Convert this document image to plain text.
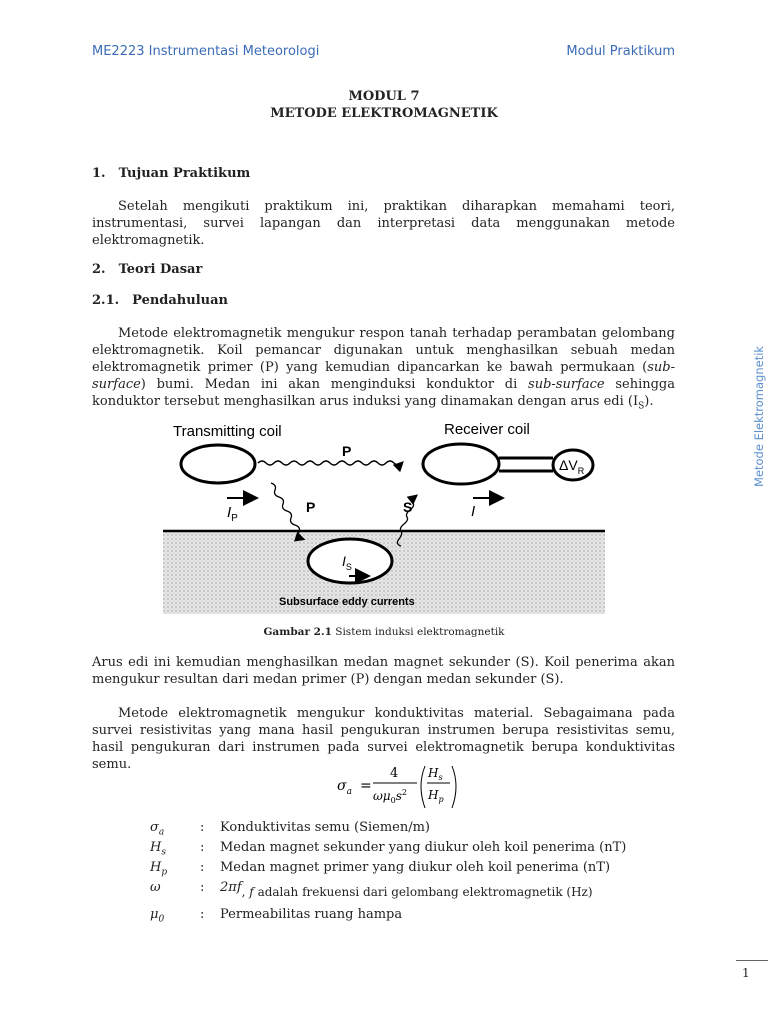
ME2223 Instrumentasi Meteorologi	Modul Praktikum
Metode Elektromagnetik
1
MODUL 7
METODE ELEKTROMAGNETIK
1. Tujuan Praktikum
Setelah mengikuti praktikum ini, praktikan diharapkan memahami teori, instrumentasi, survei lapangan dan interpretasi data menggunakan metode elektromagnetik.
2. Teori Dasar
2.1. Pendahuluan
Metode elektromagnetik mengukur respon tanah terhadap perambatan gelombang elektromagnetik. Koil pemancar digunakan untuk menghasilkan sebuah medan elektromagnetik primer (P) yang kemudian dipancarkan ke bawah permukaan (sub-surface) bumi. Medan ini akan menginduksi konduktor di sub-surface sehingga konduktor tersebut menghasilkan arus induksi yang dinamakan dengan arus edi $(I_S)$.
Transmitting coil
$\Delta V_R$
Receiver coil
P
P	S
$I_P$	I
$I_S$
Subsurface eddy currents
Gambar 2.1 Sistem induksi elektromagnetik
Arus edi ini kemudian menghasilkan medan magnet sekunder (S). Koil penerima akan mengukur resultan dari medan primer (P) dengan medan sekunder (S).
Metode elektromagnetik mengukur konduktivitas material. Sebagaimana pada survei resistivitas yang mana hasil pengukuran instrumen berupa resistivitas semu, hasil pengukuran dari instrumen pada survei elektromagnetik berupa konduktivitas semu.
$\sigma_a$ =
4
$\omega\mu_0s^2$
$H_s$
$H_p$
$\sigma_a$	:	Konduktivitas semu (Siemen/m)
$H_s$	:	Medan magnet sekunder yang diukur oleh koil penerima (nT)
$H_p$	:	Medan magnet primer yang diukur oleh koil penerima (nT)
ω	:	2πf, f adalah frekuensi dari gelombang elektromagnetik (Hz)
$\mu_0$	:	Permeabilitas ruang hampa
